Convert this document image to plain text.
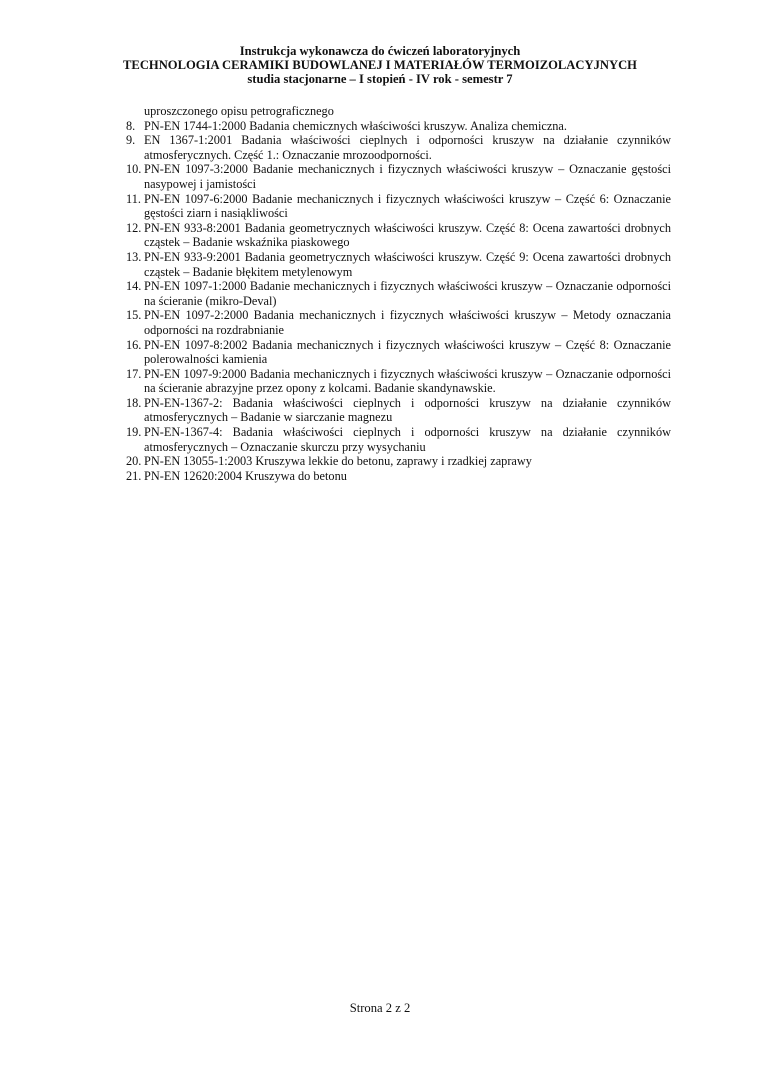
Instrukcja wykonawcza do ćwiczeń laboratoryjnych
TECHNOLOGIA CERAMIKI BUDOWLANEJ I MATERIAŁÓW TERMOIZOLACYJNYCH
studia stacjonarne – I stopień - IV rok - semestr 7
uproszczonego opisu petrograficznego
8. PN-EN 1744-1:2000 Badania chemicznych właściwości kruszyw. Analiza chemiczna.
9. EN 1367-1:2001 Badania właściwości cieplnych i odporności kruszyw na działanie czynników atmosferycznych. Część 1.: Oznaczanie mrozoodporności.
10. PN-EN 1097-3:2000 Badanie mechanicznych i fizycznych właściwości kruszyw – Oznaczanie gęstości nasypowej i jamistości
11. PN-EN 1097-6:2000 Badanie mechanicznych i fizycznych właściwości kruszyw – Część 6: Oznaczanie gęstości ziarn i nasiąkliwości
12. PN-EN 933-8:2001 Badania geometrycznych właściwości kruszyw. Część 8: Ocena zawartości drobnych cząstek – Badanie wskaźnika piaskowego
13. PN-EN 933-9:2001 Badania geometrycznych właściwości kruszyw. Część 9: Ocena zawartości drobnych cząstek – Badanie błękitem metylenowym
14. PN-EN 1097-1:2000 Badanie mechanicznych i fizycznych właściwości kruszyw – Oznaczanie odporności na ścieranie (mikro-Deval)
15. PN-EN 1097-2:2000 Badania mechanicznych i fizycznych właściwości kruszyw – Metody oznaczania odporności na rozdrabnianie
16. PN-EN 1097-8:2002 Badania mechanicznych i fizycznych właściwości kruszyw – Część 8: Oznaczanie polerowalności kamienia
17. PN-EN 1097-9:2000 Badania mechanicznych i fizycznych właściwości kruszyw – Oznaczanie odporności na ścieranie abrazyjne przez opony z kolcami. Badanie skandynawskie.
18. PN-EN-1367-2: Badania właściwości cieplnych i odporności kruszyw na działanie czynników atmosferycznych – Badanie w siarczanie magnezu
19. PN-EN-1367-4: Badania właściwości cieplnych i odporności kruszyw na działanie czynników atmosferycznych – Oznaczanie skurczu przy wysychaniu
20. PN-EN 13055-1:2003 Kruszywa lekkie do betonu, zaprawy i rzadkiej zaprawy
21. PN-EN 12620:2004 Kruszywa do betonu
Strona 2 z 2
